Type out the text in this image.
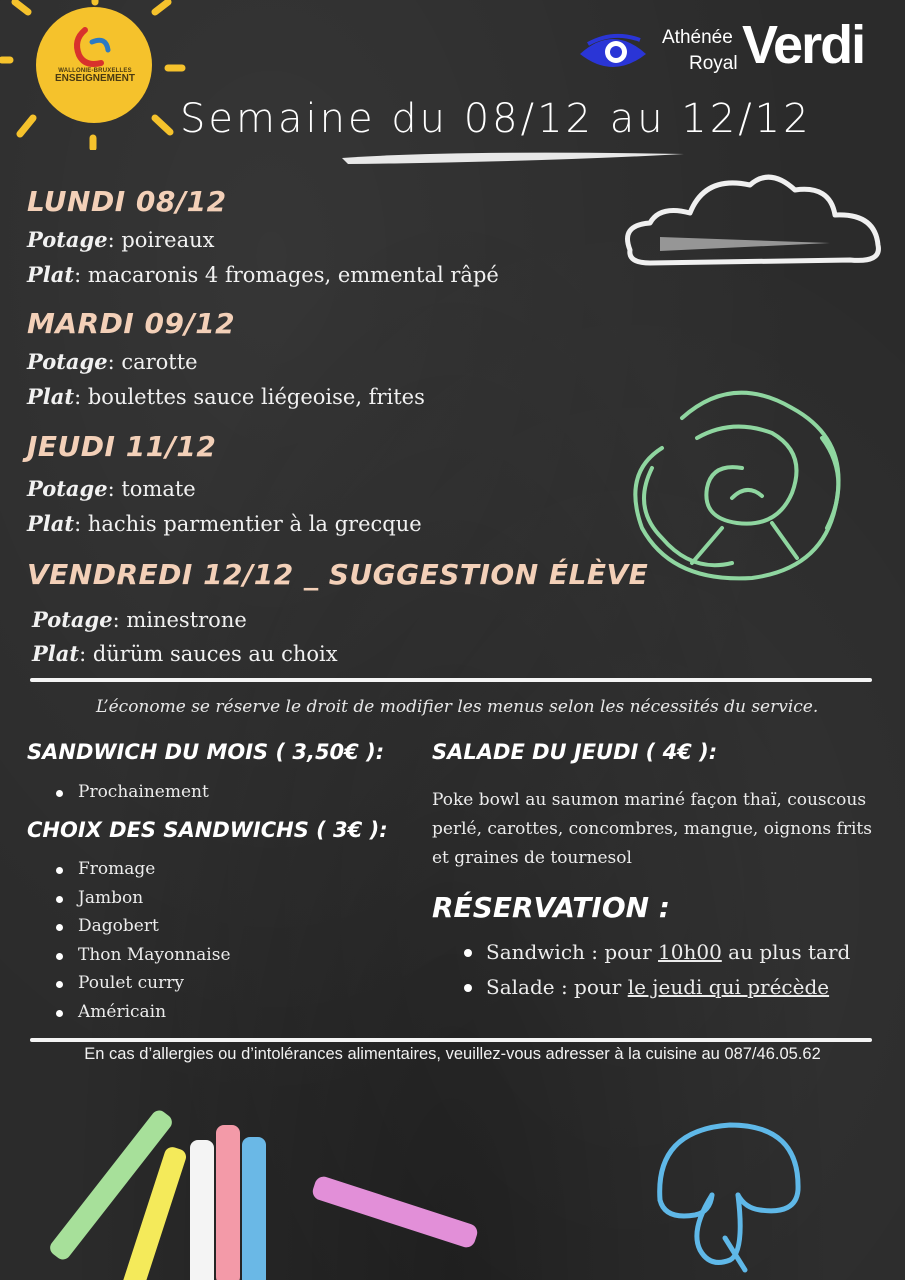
WALLONIE-BRUXELLES
ENSEIGNEMENT
Athénée
Royal Verdi
Semaine du 08/12 au 12/12
LUNDI 08/12
Potage: poireaux
Plat: macaronis 4 fromages, emmental râpé
MARDI 09/12
Potage: carotte
Plat: boulettes sauce liégeoise, frites
JEUDI 11/12
Potage: tomate
Plat: hachis parmentier à la grecque
VENDREDI 12/12 _ SUGGESTION ÉLÈVE
Potage: minestrone
Plat: dürüm sauces au choix
L’économe se réserve le droit de modifier les menus selon les nécessités du service.
SANDWICH DU MOIS ( 3,50€ ):
Prochainement
CHOIX DES SANDWICHS ( 3€ ):
Fromage
Jambon
Dagobert
Thon Mayonnaise
Poulet curry
Américain
SALADE DU JEUDI ( 4€ ):
Poke bowl au saumon mariné façon thaï, couscous perlé, carottes, concombres, mangue, oignons frits et graines de tournesol
RÉSERVATION :
Sandwich : pour 10h00 au plus tard
Salade : pour le jeudi qui précède
En cas d’allergies ou d’intolérances alimentaires, veuillez-vous adresser à la cuisine au 087/46.05.62
